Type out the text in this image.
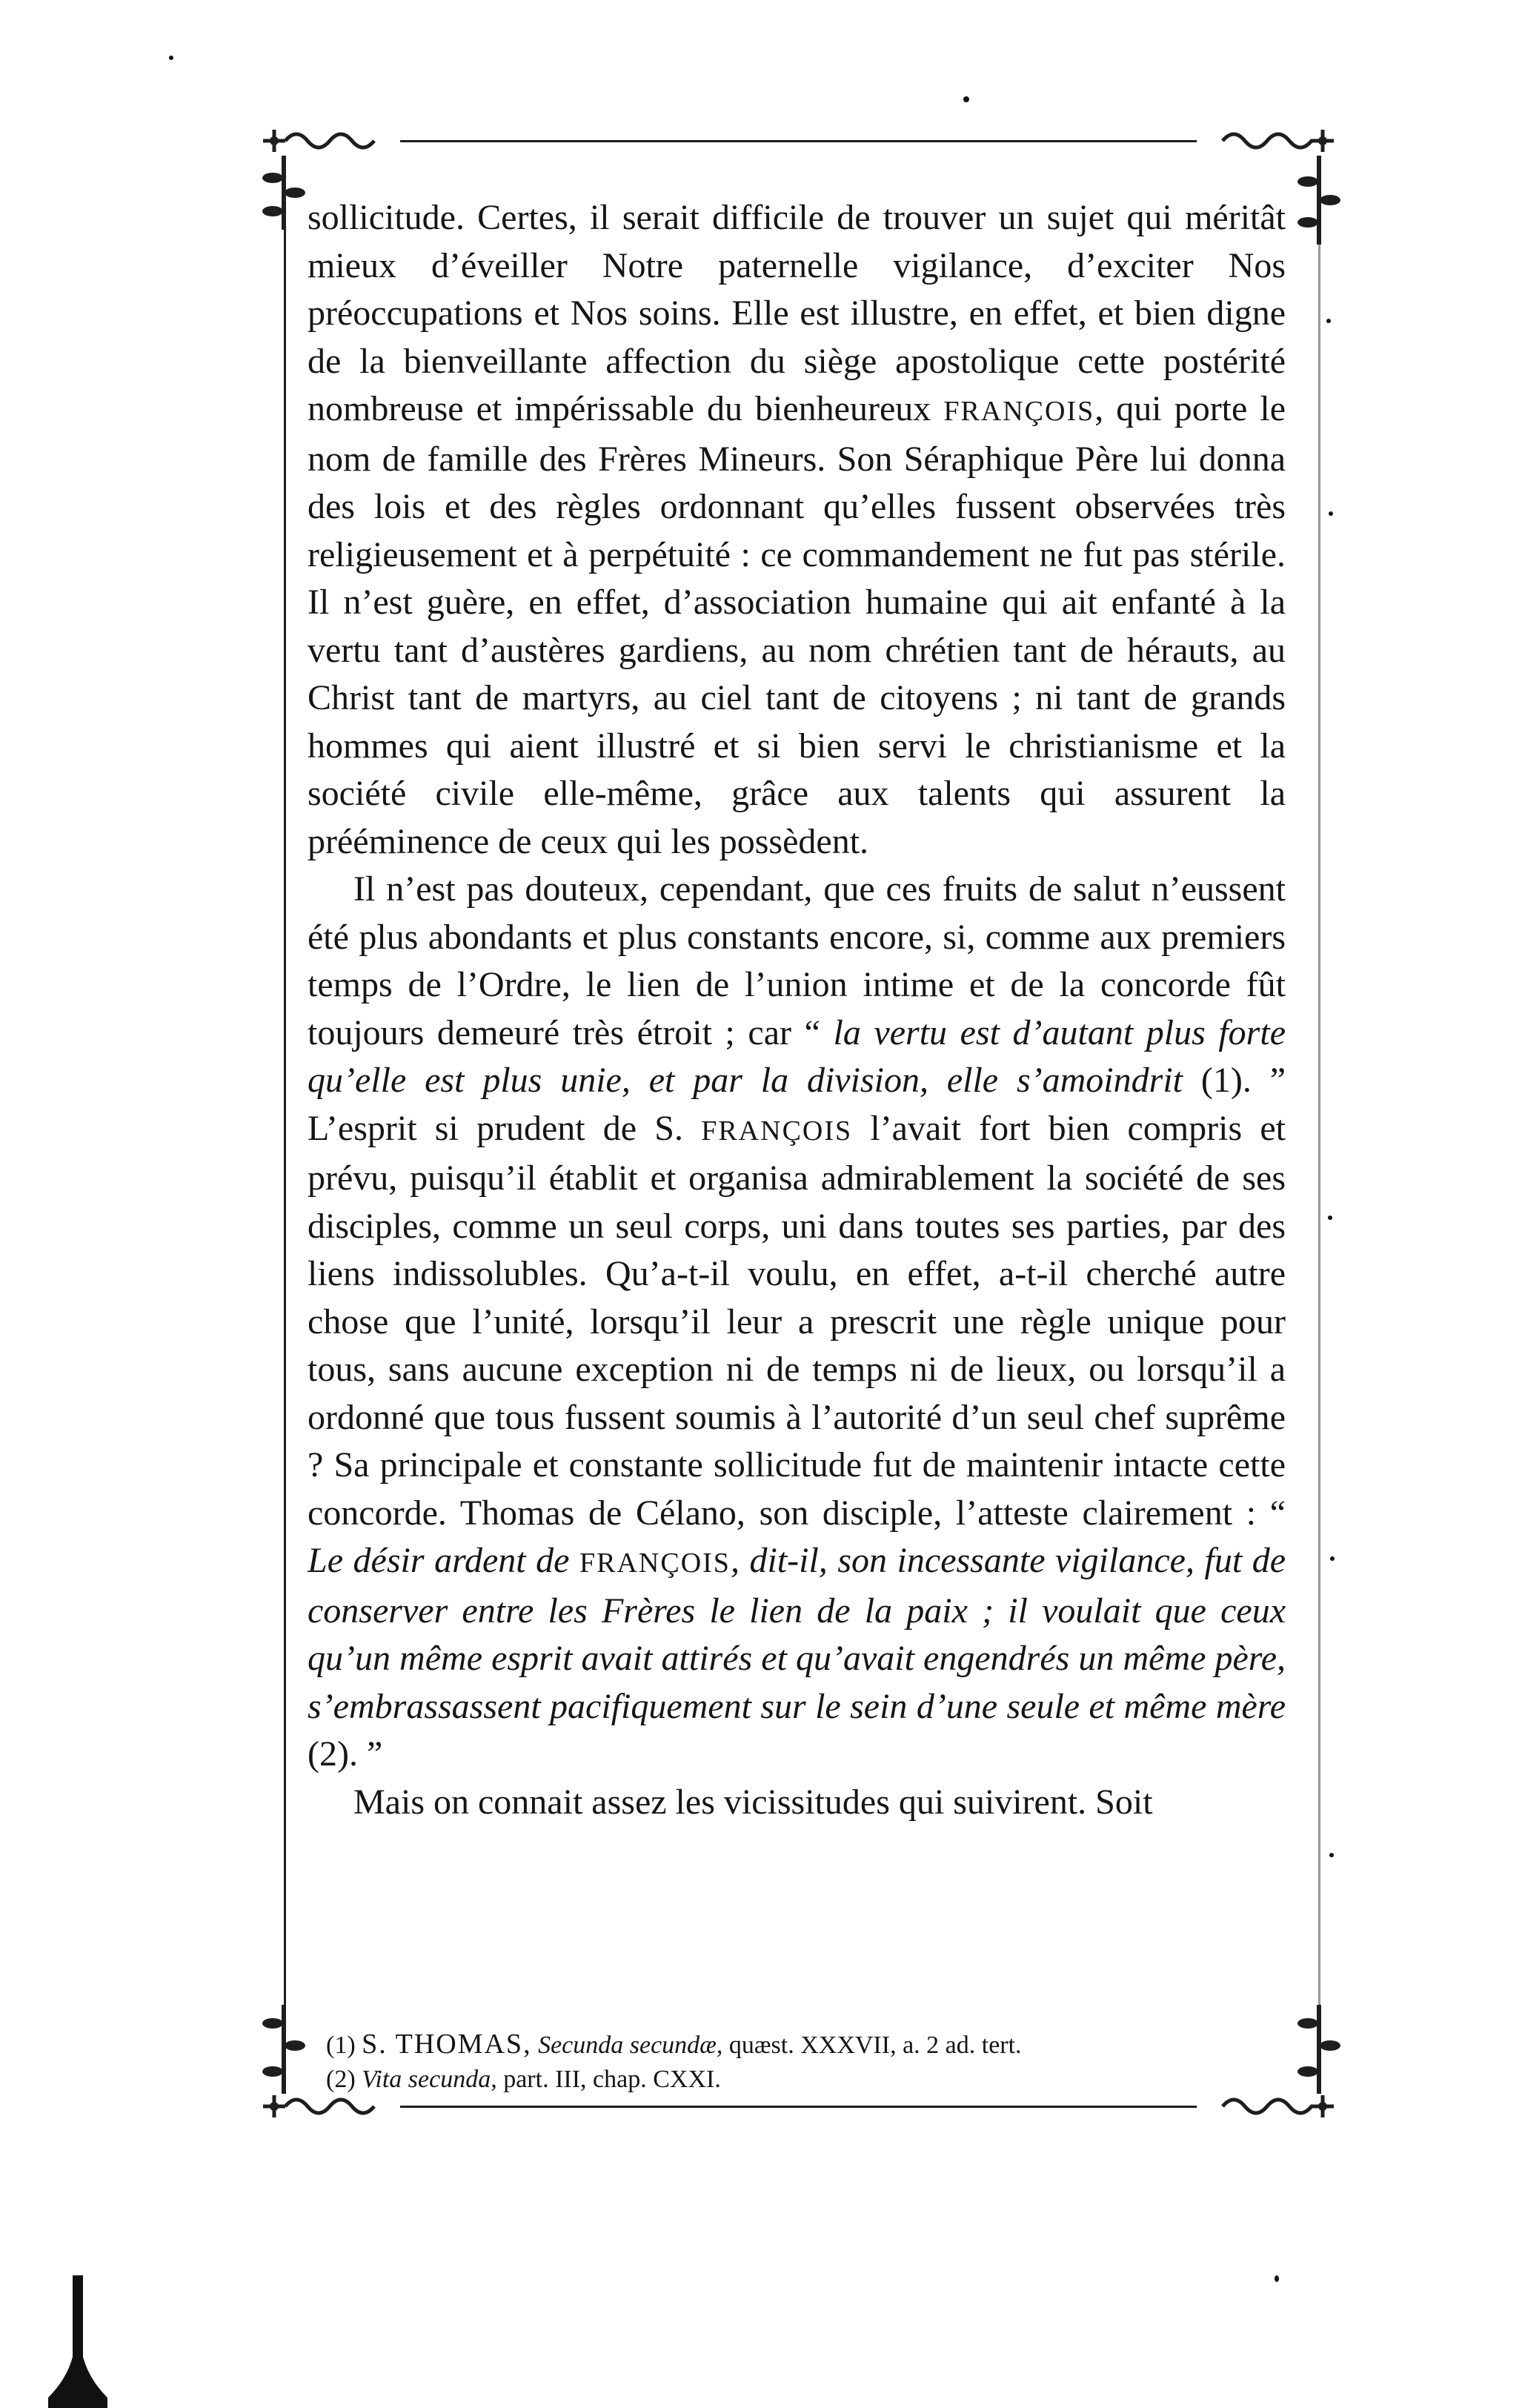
sollicitude. Certes, il serait difficile de trouver un sujet qui méritât mieux d’éveiller Notre paternelle vigilance, d’exciter Nos préoccupations et Nos soins. Elle est illustre, en effet, et bien digne de la bienveillante affection du siège apostolique cette postérité nombreuse et impérissable du bienheureux FRANÇOIS, qui porte le nom de famille des Frères Mineurs. Son Séraphique Père lui donna des lois et des règles ordonnant qu’elles fussent observées très religieusement et à perpétuité : ce commandement ne fut pas stérile. Il n’est guère, en effet, d’association humaine qui ait enfanté à la vertu tant d’austères gardiens, au nom chrétien tant de hérauts, au Christ tant de martyrs, au ciel tant de citoyens ; ni tant de grands hommes qui aient illustré et si bien servi le christianisme et la société civile elle-même, grâce aux talents qui assurent la prééminence de ceux qui les possèdent.

Il n’est pas douteux, cependant, que ces fruits de salut n’eussent été plus abondants et plus constants encore, si, comme aux premiers temps de l’Ordre, le lien de l’union intime et de la concorde fût toujours demeuré très étroit ; car “ la vertu est d’autant plus forte qu’elle est plus unie, et par la division, elle s’amoindrit (1). ” L’esprit si prudent de S. FRANÇOIS l’avait fort bien compris et prévu, puisqu’il établit et organisa admirablement la société de ses disciples, comme un seul corps, uni dans toutes ses parties, par des liens indissolubles. Qu’a-t-il voulu, en effet, a-t-il cherché autre chose que l’unité, lorsqu’il leur a prescrit une règle unique pour tous, sans aucune exception ni de temps ni de lieux, ou lorsqu’il a ordonné que tous fussent soumis à l’autorité d’un seul chef suprême ? Sa principale et constante sollicitude fut de maintenir intacte cette concorde. Thomas de Célano, son disciple, l’atteste clairement : “ Le désir ardent de FRANÇOIS, dit-il, son incessante vigilance, fut de conserver entre les Frères le lien de la paix ; il voulait que ceux qu’un même esprit avait attirés et qu’avait engendrés un même père, s’embrassassent pacifiquement sur le sein d’une seule et même mère (2). ”

Mais on connait assez les vicissitudes qui suivirent. Soit

(1) S. THOMAS, Secunda secundæ, quæst. XXXVII, a. 2 ad. tert.
(2) Vita secunda, part. III, chap. CXXI.
